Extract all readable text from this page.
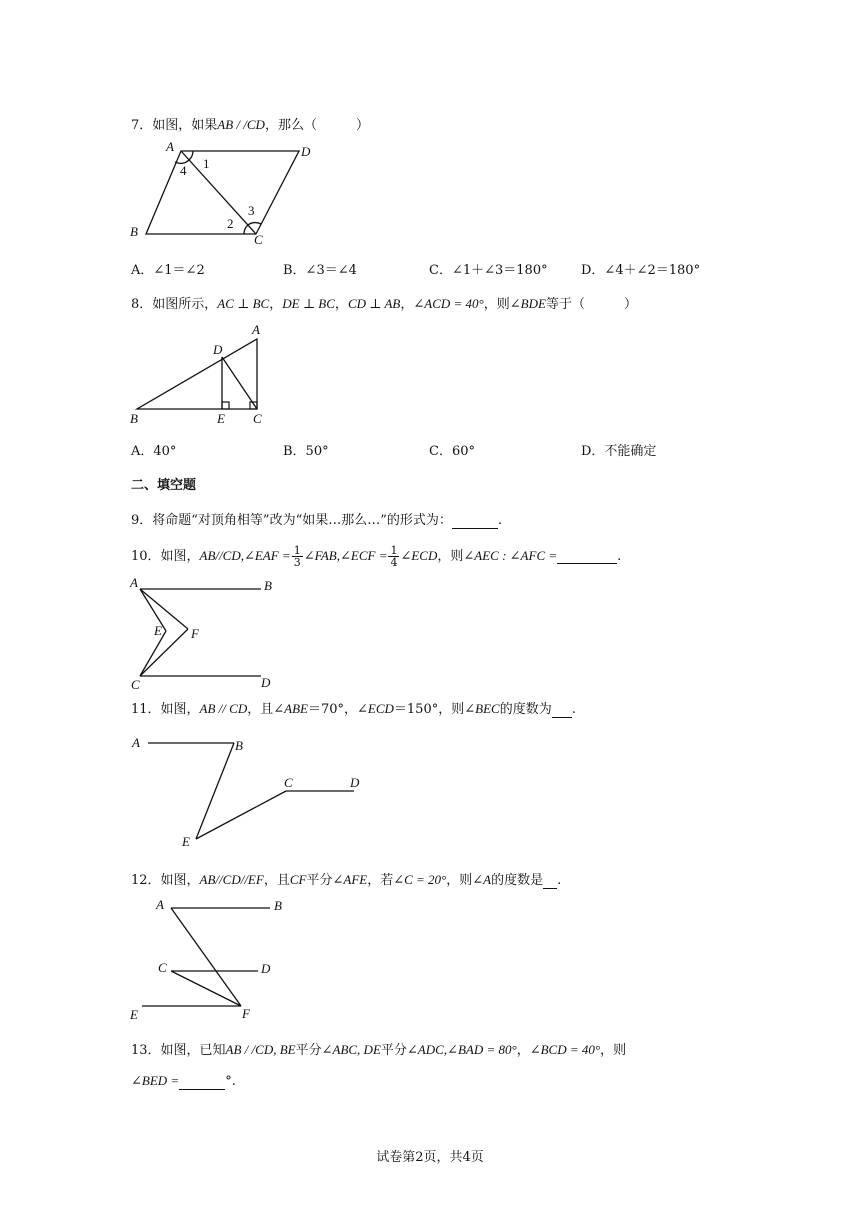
7．如图，如果AB / /CD，那么（　　　）
A	D
B
C
1
4
2
3
A．∠1＝∠2	B．∠3＝∠4	C．∠1＋∠3＝180°	D．∠4＋∠2＝180°
8．如图所示，AC ⊥ BC，DE ⊥ BC，CD ⊥ AB，∠ACD = 40°，则∠BDE等于（　　　）
A
D
B	E C
A．40°	B．50°	C．60°	D．不能确定
二、填空题
9．将命题“对顶角相等”改为“如果…那么…”的形式为：	.
10．如图，AB//CD,∠EAF = $\frac{1}{3}$ ∠FAB,∠ECF = $\frac{1}{4}$ ∠ECD，则∠AEC : ∠AFC =	.
A	B
E F
C	D
11．如图，AB // CD，且∠ABE＝70°，∠ECD＝150°，则∠BEC的度数为 .
A	B
C	D
E
12．如图，AB//CD//EF，且CF平分∠AFE，若∠C = 20°，则∠A的度数是 .
A	B
C	D
E	F
13．如图，已知AB / /CD, BE平分∠ABC, DE平分∠ADC,∠BAD = 80°，∠BCD = 40°，则
∠BED =	°.
试卷第2页，共4页
